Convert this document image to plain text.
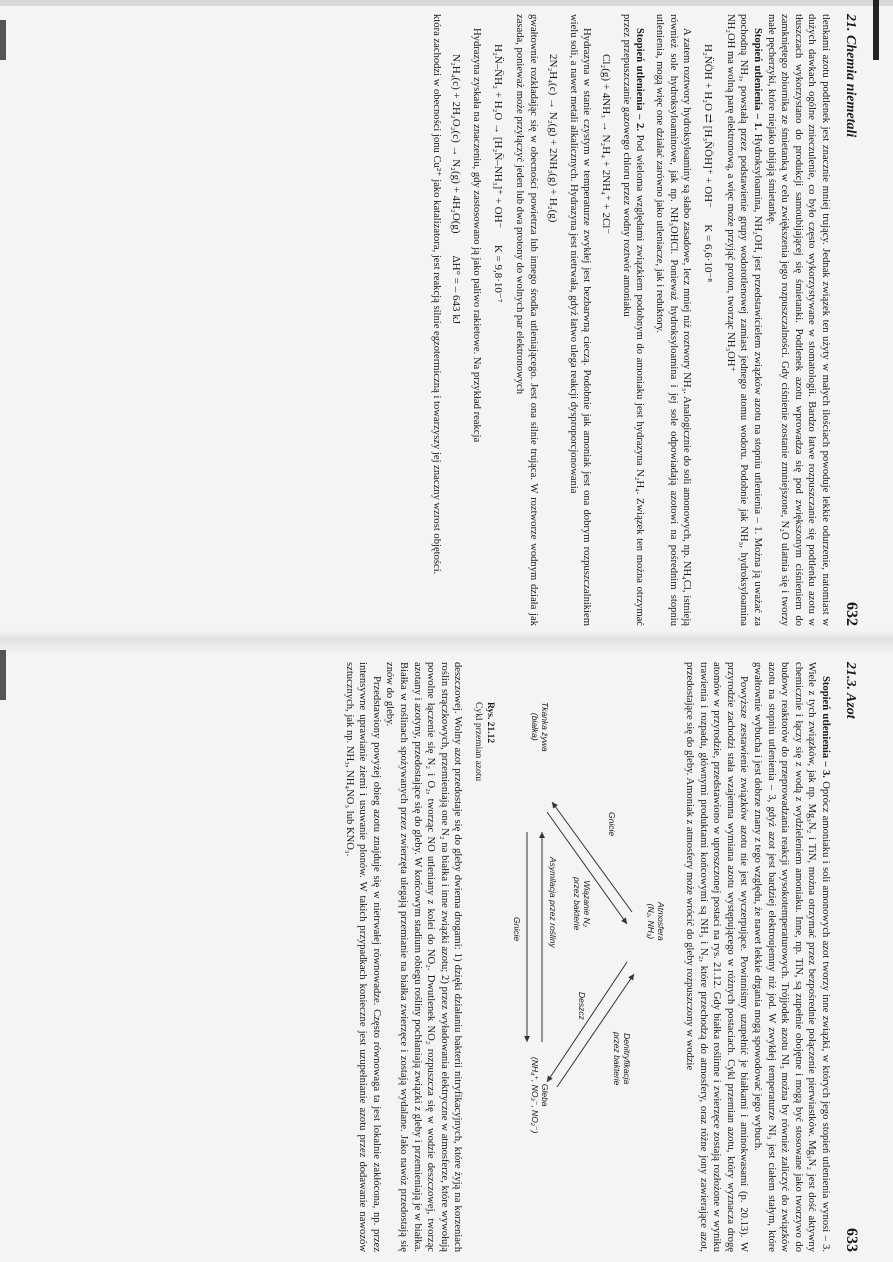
21. Chemia niemetali
632

tlenkami azotu podtlenek jest znacznie mniej trujący. Jednak związek ten użyty w małych ilościach powoduje lekkie odurzenie, natomiast w dużych dawkach ogólne znieczulenie, co było często wykorzystywane w stomatologii. Bardzo łatwe rozpuszczanie się podtlenku azotu w tłuszczach wykorzystano do produkcji samoubijającej się śmietanki. Podtlenek azotu wprowadza się pod zwiększonym ciśnieniem do zamkniętego zbiornika ze śmietanką w celu zwiększenia jego rozpuszczalności. Gdy ciśnienie zostanie zmniejszone, N₂O ulatnia się i tworzy małe pęcherzyki, które niejako ubijają śmietankę.

Stopień utlenienia – 1. Hydroksyloamina, NH₂OH, jest przedstawicielem związków azotu na stopniu utlenienia – 1. Można ją uważać za pochodną NH₃, powstałą przez podstawienie grupy wodorotlenowej zamiast jednego atomu wodoru. Podobnie jak NH₃, hydroksyloamina NH₂OH ma wolną parę elektronową, a więc może przyjąć proton, tworząc NH₃OH⁺

H₂N̈ÖH + H₂O ⇄ [H₃N̈ÖH]⁺ + OH⁻      K = 6,6·10⁻⁸

A zatem roztwory hydroksyloaminy są słabo zasadowe, lecz mniej niż roztwory NH₃. Analogicznie do soli amonowych, np. NH₄Cl, istnieją również sole hydroksyloaminowe, jak np. NH₃OHCl. Ponieważ hydroksyloamina i jej sole odpowiadają azotowi na pośrednim stopniu utlenienia, mogą więc one działać zarówno jako utleniacze, jak i reduktory.

Stopień utlenienia – 2. Pod wieloma względami związkiem podobnym do amoniaku jest hydrazyna N₂H₄. Związek ten można otrzymać przez przepuszczanie gazowego chloru przez wodny roztwór amoniaku

Cl₂(g) + 4NH₃ → N₂H₄ + 2NH₄⁺ + 2Cl⁻

Hydrazyna w stanie czystym w temperaturze zwykłej jest bezbarwną cieczą. Podobnie jak amoniak jest ona dobrym rozpuszczalnikiem wielu soli, a nawet metali alkalicznych. Hydrazyna jest nietrwała, gdyż łatwo ulega reakcji dysproporcjonowania

2N₂H₄(c) → N₂(g) + 2NH₃(g) + H₂(g)

gwałtownie rozkładając się w obecności powietrza lub innego środka utleniającego. Jest ona silnie trująca. W roztworze wodnym działa jak zasada, ponieważ może przyłączyć jeden lub dwa protony do wolnych par elektronowych

H₂N̈–N̈H₂ + H₂O → [H₂N̈–NH₃]⁺ + OH⁻      K = 9,8·10⁻⁷

Hydrazyna zyskała na znaczeniu, gdy zastosowano ją jako paliwo rakietowe. Na przykład reakcja

N₂H₄(c) + 2H₂O₂(c) → N₂(g) + 4H₂O(g)        ΔH° = – 643 kJ

która zachodzi w obecności jonu Cu²⁺ jako katalizatora, jest reakcją silnie egzotermiczną i towarzyszy jej znaczny wzrost objętości.

21.3. Azot
633

Stopień utlenienia – 3. Oprócz amoniaku i soli amonowych azot tworzy inne związki, w których jego stopień utlenienia wynosi – 3. Wiele z tych związków, jak np. Mg₃N₂ i TiN, można otrzymać przez bezpośrednie połączenie pierwiastków. Mg₃N₂ jest dość aktywny chemicznie i łączy się z wodą z wydzieleniem amoniaku. Inne, np. TiN, są zupełnie obojętne i mogą być stosowane jako tworzywo do budowy reaktorów do przeprowadzania reakcji wysokotemperaturowych. Trójjodek azotu NI₃ można by również zaliczyć do związków azotu na stopniu utlenienia – 3, gdyż azot jest bardziej elektroujemny niż jod. W zwykłej temperaturze NI₃ jest ciałem stałym, które gwałtownie wybucha i jest dobrze znany z tego względu, że nawet lekkie drgania mogą spowodować jego wybuch.

Powyższe zestawienie związków azotu nie jest wyczerpujące. Powinniśmy uzupełnić je białkami i aminokwasami (p. 20.13). W przyrodzie zachodzi stała wzajemna wymiana azotu występującego w różnych postaciach. Cykl przemian azotu, który wyznacza drogę atomów w przyrodzie, przedstawiono w uproszczonej postaci na rys. 21.12. Gdy białka roślinne i zwierzęce zostają rozłożone w wyniku trawienia i rozpadu, głównymi produktami końcowymi są NH₃ i N₂, które przechodzą do atmosfery, oraz różne jony zawierające azot, przedostające się do gleby. Amoniak z atmosfery może wrócić do gleby rozpuszczony w wodzie

Atmosfera
(N₂, NH₃)
Denitryfikacja
przez bakterie
Gnicie
Wiązanie N₂
przez bakterie
Deszcz
Tkanka żywa
(białka)
Gleba
(NH₄⁺, NO₃⁻, NO₂⁻)
Asymilacja przez rośliny
Gnicie
Rys. 21.12
Cykl przemian azotu

deszczowej. Wolny azot przedostaje się do gleby dwiema drogami: 1) dzięki działaniu bakterii nitryfikacyjnych, które żyją na korzeniach roślin strączkowych, przemieniają one N₂ na białka i inne związki azotu; 2) przez wyładowania elektryczne w atmosferze, które wywołują powolne łączenie się N₂ i O₂, tworząc NO utleniany z kolei do NO₂. Dwutlenek NO₂ rozpuszcza się w wodzie deszczowej, tworząc azotany i azotyny, przedostające się do gleby. W końcowym stadium obiegu rośliny pochłaniają związki z gleby i przemieniają je w białka. Białka w roślinach spożywanych przez zwierzęta ulegają przemianie na białka zwierzęce i zostają wydalane. Jako nawóz przedostają się znów do gleby.

Przedstawiony powyżej obieg azotu znajduje się w nietrwałej równowadze. Często równowaga ta jest lokalnie zakłócona, np. przez intensywne uprawianie ziemi i usuwanie plonów. W takich przypadkach konieczne jest uzupełnianie azotu przez dodawanie nawozów sztucznych, jak np. NH₃, NH₄NO₃ lub KNO₃.
